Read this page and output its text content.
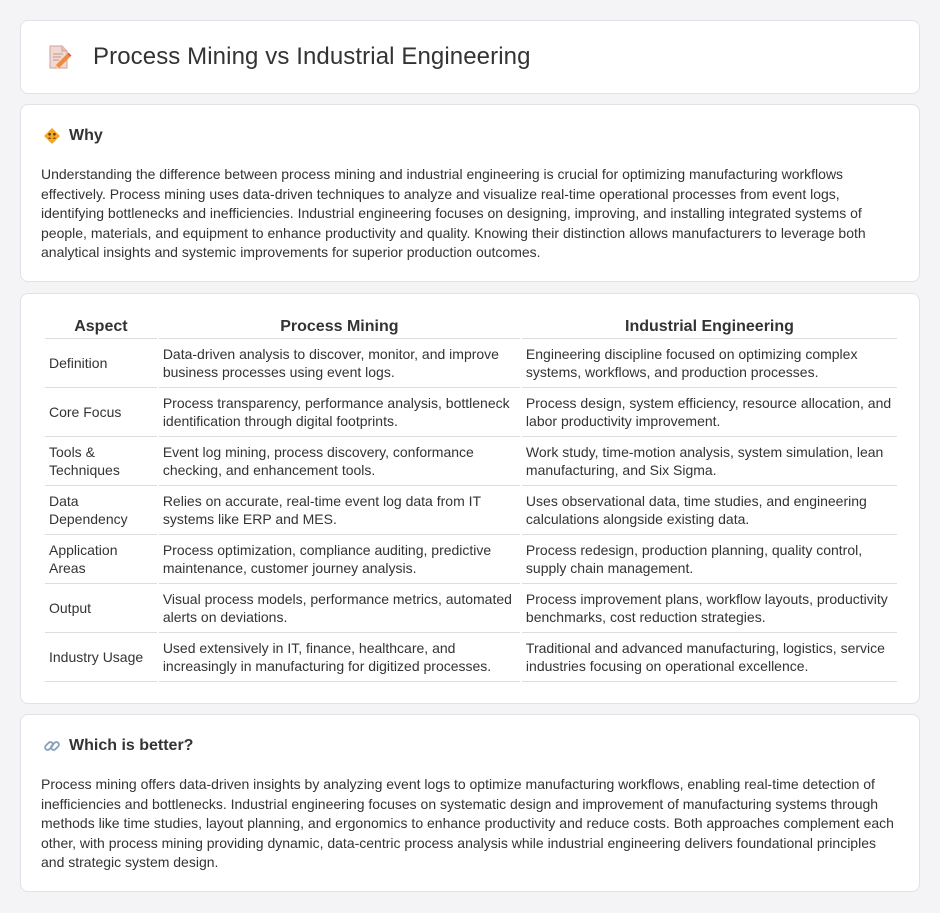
Process Mining vs Industrial Engineering
Why

Understanding the difference between process mining and industrial engineering is crucial for optimizing manufacturing workflows effectively. Process mining uses data-driven techniques to analyze and visualize real-time operational processes from event logs, identifying bottlenecks and inefficiencies. Industrial engineering focuses on designing, improving, and installing integrated systems of people, materials, and equipment to enhance productivity and quality. Knowing their distinction allows manufacturers to leverage both analytical insights and systemic improvements for superior production outcomes.

Aspect	Process Mining	Industrial Engineering
Definition	Data-driven analysis to discover, monitor, and improve business processes using event logs.	Engineering discipline focused on optimizing complex systems, workflows, and production processes.
Core Focus	Process transparency, performance analysis, bottleneck identification through digital footprints.	Process design, system efficiency, resource allocation, and labor productivity improvement.
Tools & Techniques	Event log mining, process discovery, conformance checking, and enhancement tools.	Work study, time-motion analysis, system simulation, lean manufacturing, and Six Sigma.
Data Dependency	Relies on accurate, real-time event log data from IT systems like ERP and MES.	Uses observational data, time studies, and engineering calculations alongside existing data.
Application Areas	Process optimization, compliance auditing, predictive maintenance, customer journey analysis.	Process redesign, production planning, quality control, supply chain management.
Output	Visual process models, performance metrics, automated alerts on deviations.	Process improvement plans, workflow layouts, productivity benchmarks, cost reduction strategies.
Industry Usage	Used extensively in IT, finance, healthcare, and increasingly in manufacturing for digitized processes.	Traditional and advanced manufacturing, logistics, service industries focusing on operational excellence.
Which is better?

Process mining offers data-driven insights by analyzing event logs to optimize manufacturing workflows, enabling real-time detection of inefficiencies and bottlenecks. Industrial engineering focuses on systematic design and improvement of manufacturing systems through methods like time studies, layout planning, and ergonomics to enhance productivity and reduce costs. Both approaches complement each other, with process mining providing dynamic, data-centric process analysis while industrial engineering delivers foundational principles and strategic system design.
